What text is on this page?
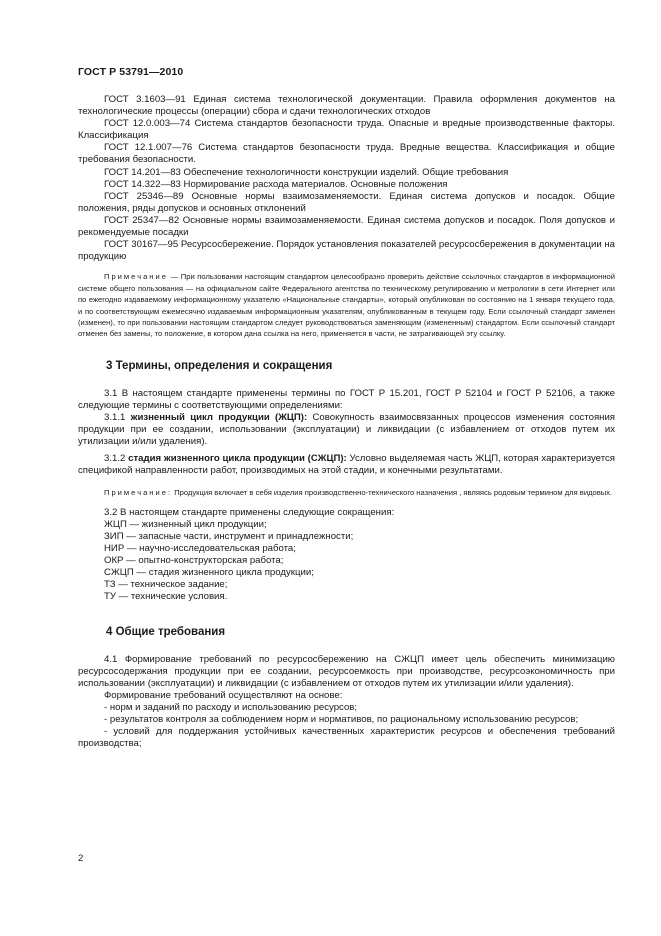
ГОСТ Р 53791—2010

ГОСТ 3.1603—91 Единая система технологической документации. Правила оформления документов на технологические процессы (операции) сбора и сдачи технологических отходов

ГОСТ 12.0.003—74 Система стандартов безопасности труда. Опасные и вредные производственные факторы. Классификация

ГОСТ 12.1.007—76 Система стандартов безопасности труда. Вредные вещества. Классификация и общие требования безопасности.

ГОСТ 14.201—83 Обеспечение технологичности конструкции изделий. Общие требования

ГОСТ 14.322—83 Нормирование расхода материалов. Основные положения

ГОСТ 25346—89 Основные нормы взаимозаменяемости. Единая система допусков и посадок. Общие положения, ряды допусков и основных отклонений

ГОСТ 25347—82 Основные нормы взаимозаменяемости. Единая система допусков и посадок. Поля допусков и рекомендуемые посадки

ГОСТ 30167—95 Ресурсосбережение. Порядок установления показателей ресурсосбережения в документации на продукцию

Примечание — При пользовании настоящим стандартом целесообразно проверить действие ссылочных стандартов в информационной системе общего пользования — на официальном сайте Федерального агентства по техническому регулированию и метрологии в сети Интернет или по ежегодно издаваемому информационному указателю «Национальные стандарты», который опубликован по состоянию на 1 января текущего года, и по соответствующим ежемесячно издаваемым информационным указателям, опубликованным в текущем году. Если ссылочный стандарт заменен (изменен), то при пользовании настоящим стандартом следует руководствоваться заменяющим (измененным) стандартом. Если ссылочный стандарт отменен без замены, то положение, в котором дана ссылка на него, применяется в части, не затрагивающей эту ссылку.

3 Термины, определения и сокращения

3.1 В настоящем стандарте применены термины по ГОСТ Р 15.201, ГОСТ Р 52104 и ГОСТ Р 52106, а также следующие термины с соответствующими определениями:

3.1.1 жизненный цикл продукции (ЖЦП): Совокупность взаимосвязанных процессов изменения состояния продукции при ее создании, использовании (эксплуатации) и ликвидации (с избавлением от отходов путем их утилизации и/или удаления).

3.1.2 стадия жизненного цикла продукции (СЖЦП): Условно выделяемая часть ЖЦП, которая характеризуется спецификой направленности работ, производимых на этой стадии, и конечными результатами.

Примечание: Продукция включает в себя изделия производственно-технического назначения , являясь родовым термином для видовых.

3.2 В настоящем стандарте применены следующие сокращения:

ЖЦП — жизненный цикл продукции;

ЗИП — запасные части, инструмент и принадлежности;

НИР — научно-исследовательская работа;

ОКР — опытно-конструкторская работа;

СЖЦП — стадия жизненного цикла продукции;

ТЗ — техническое задание;

ТУ — технические условия.

4 Общие требования

4.1 Формирование требований по ресурсосбережению на СЖЦП имеет цель обеспечить минимизацию ресурсосодержания продукции при ее создании, ресурсоемкость при производстве, ресурсоэкономичность при использовании (эксплуатации) и ликвидации (с избавлением от отходов путем их утилизации и/или удаления).

Формирование требований осуществляют на основе:

- норм и заданий по расходу и использованию ресурсов;

- результатов контроля за соблюдением норм и нормативов, по рациональному использованию ресурсов;

- условий для поддержания устойчивых качественных характеристик ресурсов и обеспечения требований производства;

2
